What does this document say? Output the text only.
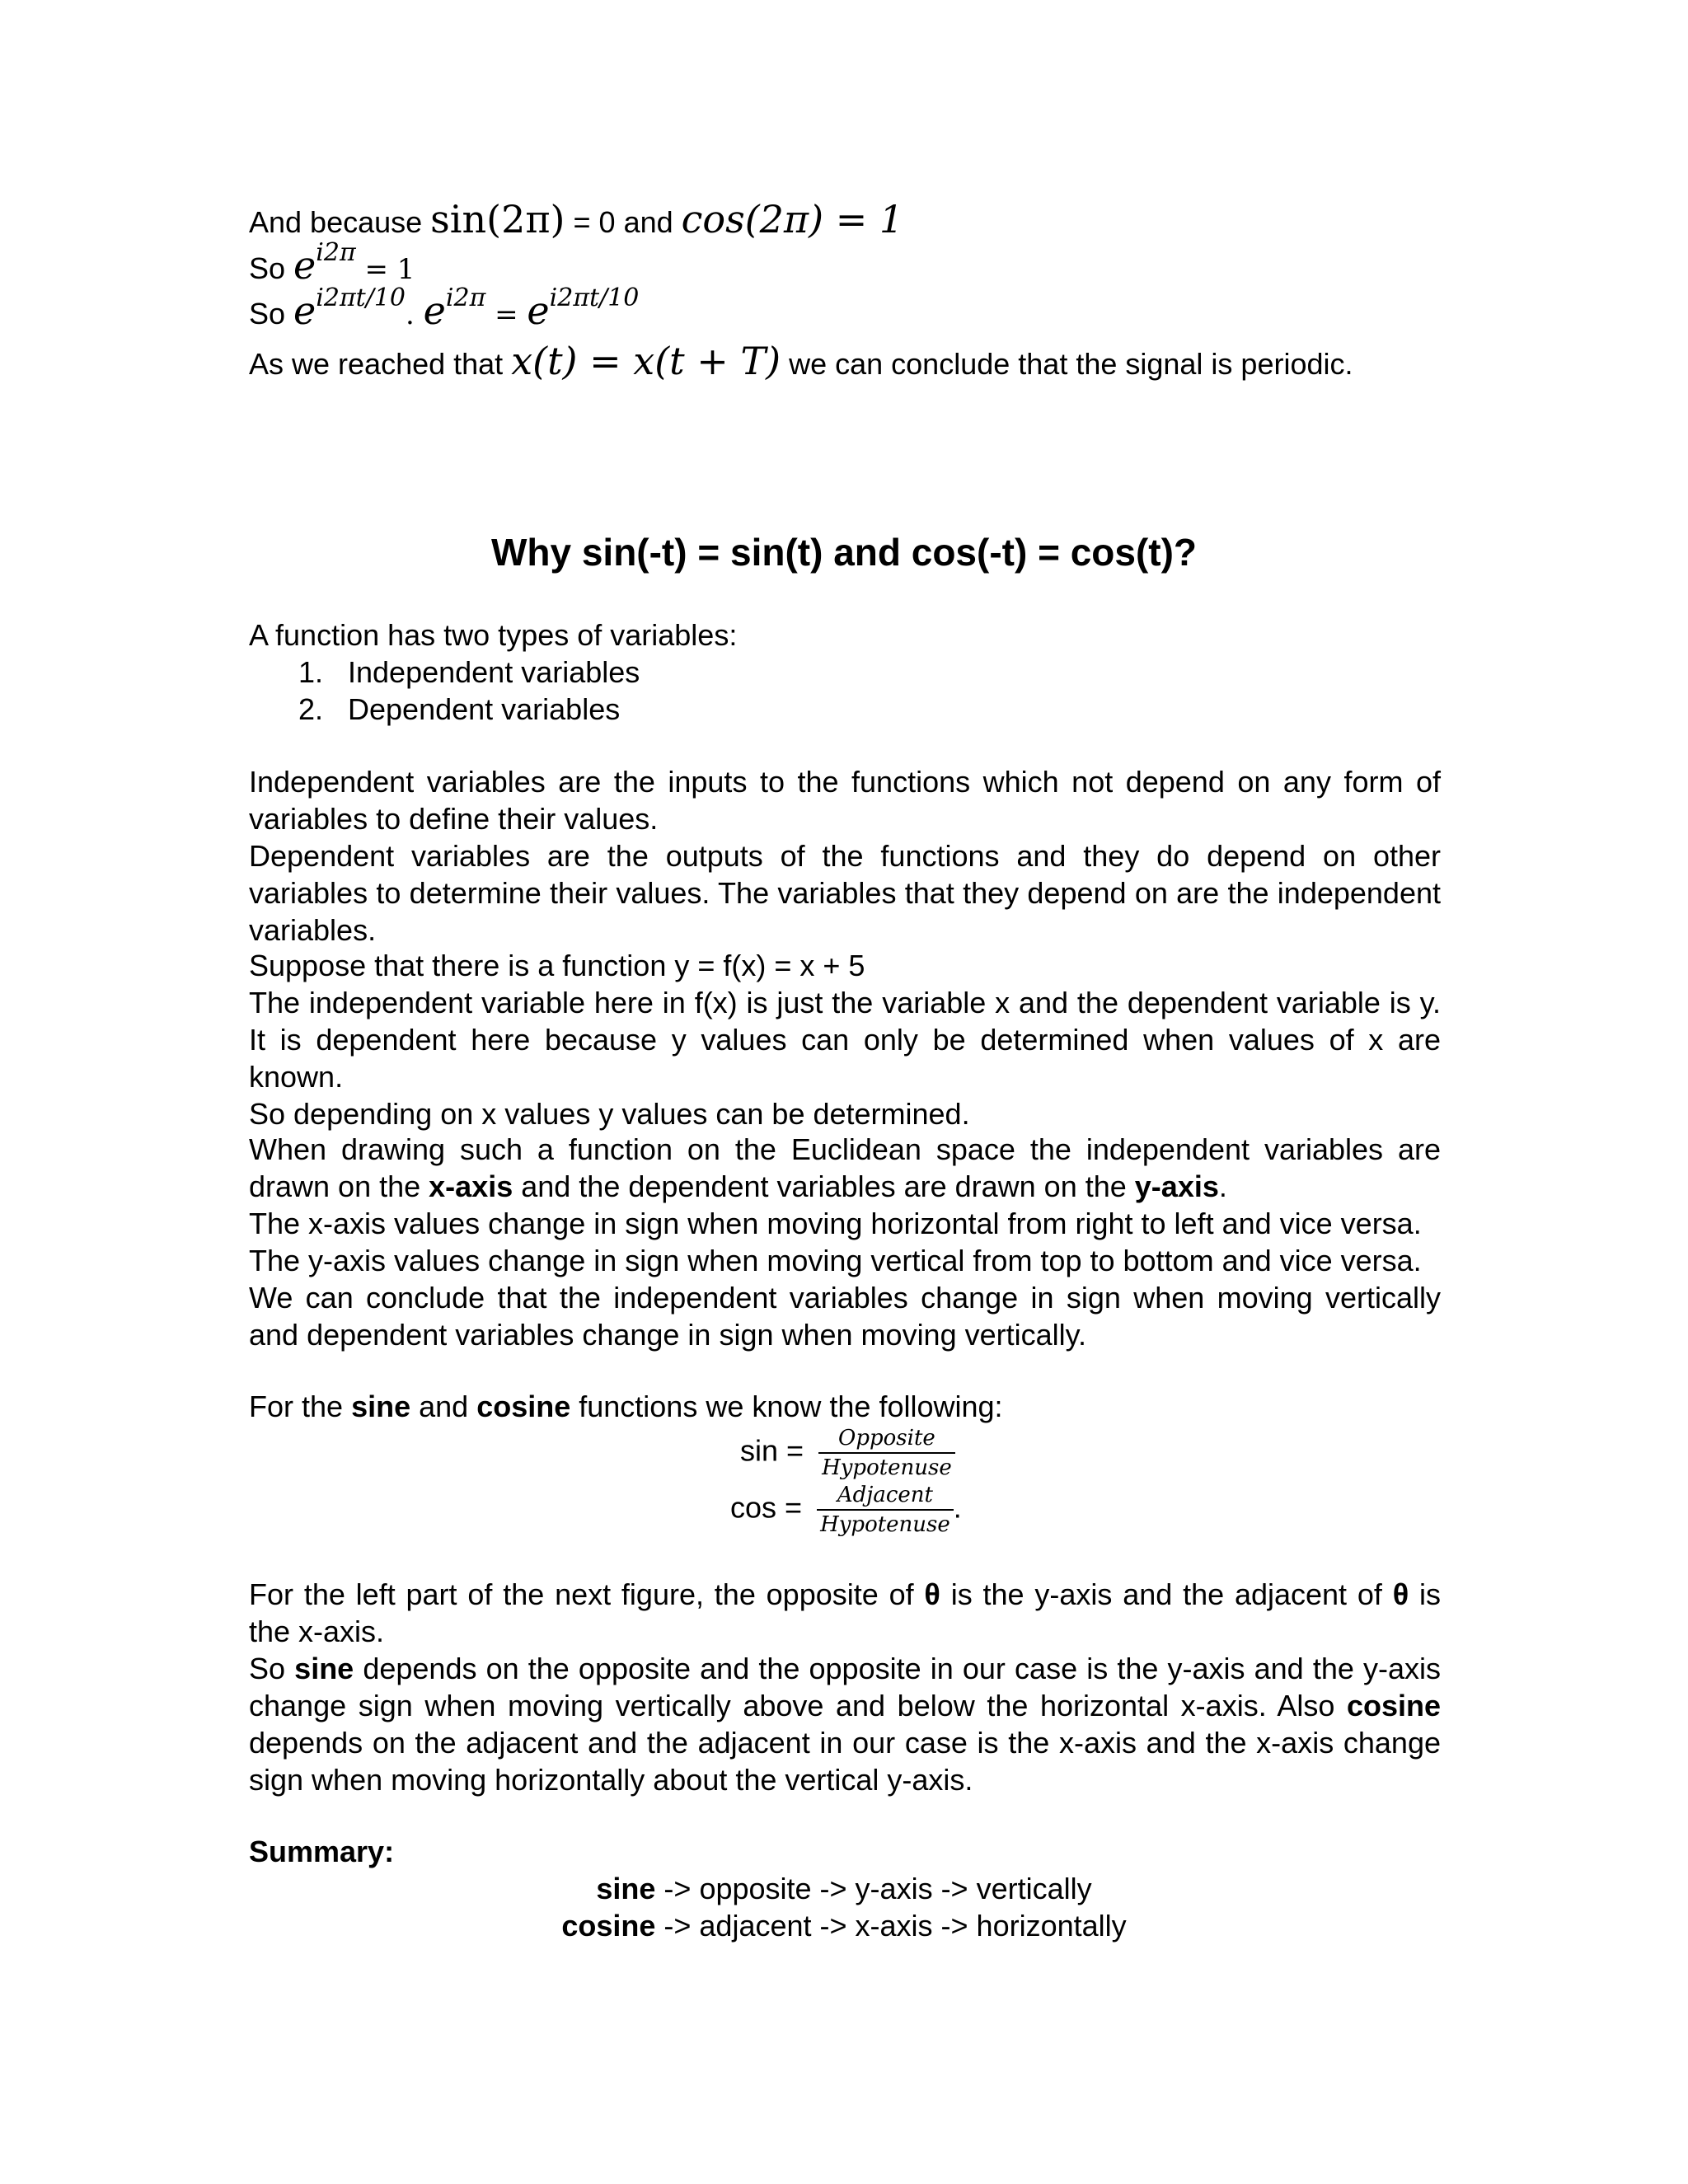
And because sin(2π) = 0 and cos(2π) = 1
So $e^{i2\pi} = 1$
So $e^{i2\pi t/10}$. $e^{i2\pi} = e^{i2\pi t/10}$
As we reached that x(t) = x(t + T) we can conclude that the signal is periodic.
Why sin(-t) = sin(t) and cos(-t) = cos(t)?
A function has two types of variables:
1. Independent variables
2. Dependent variables
Independent variables are the inputs to the functions which not depend on any form of variables to define their values.
Dependent variables are the outputs of the functions and they do depend on other variables to determine their values. The variables that they depend on are the independent variables.
Suppose that there is a function y = f(x) = x + 5
The independent variable here in f(x) is just the variable x and the dependent variable is y. It is dependent here because y values can only be determined when values of x are known.
So depending on x values y values can be determined.
When drawing such a function on the Euclidean space the independent variables are drawn on the x-axis and the dependent variables are drawn on the y-axis.
The x-axis values change in sign when moving horizontal from right to left and vice versa.
The y-axis values change in sign when moving vertical from top to bottom and vice versa.
We can conclude that the independent variables change in sign when moving vertically and dependent variables change in sign when moving vertically.
For the sine and cosine functions we know the following:
$\sin = \frac{\text{Opposite}}{\text{Hypotenuse}}$
$\cos = \frac{\text{Adjacent}}{\text{Hypotenuse}}$ .
For the left part of the next figure, the opposite of θ is the y-axis and the adjacent of θ is the x-axis.
So sine depends on the opposite and the opposite in our case is the y-axis and the y-axis change sign when moving vertically above and below the horizontal x-axis. Also cosine depends on the adjacent and the adjacent in our case is the x-axis and the x-axis change sign when moving horizontally about the vertical y-axis.
Summary:
sine -> opposite -> y-axis -> vertically
cosine -> adjacent -> x-axis -> horizontally
